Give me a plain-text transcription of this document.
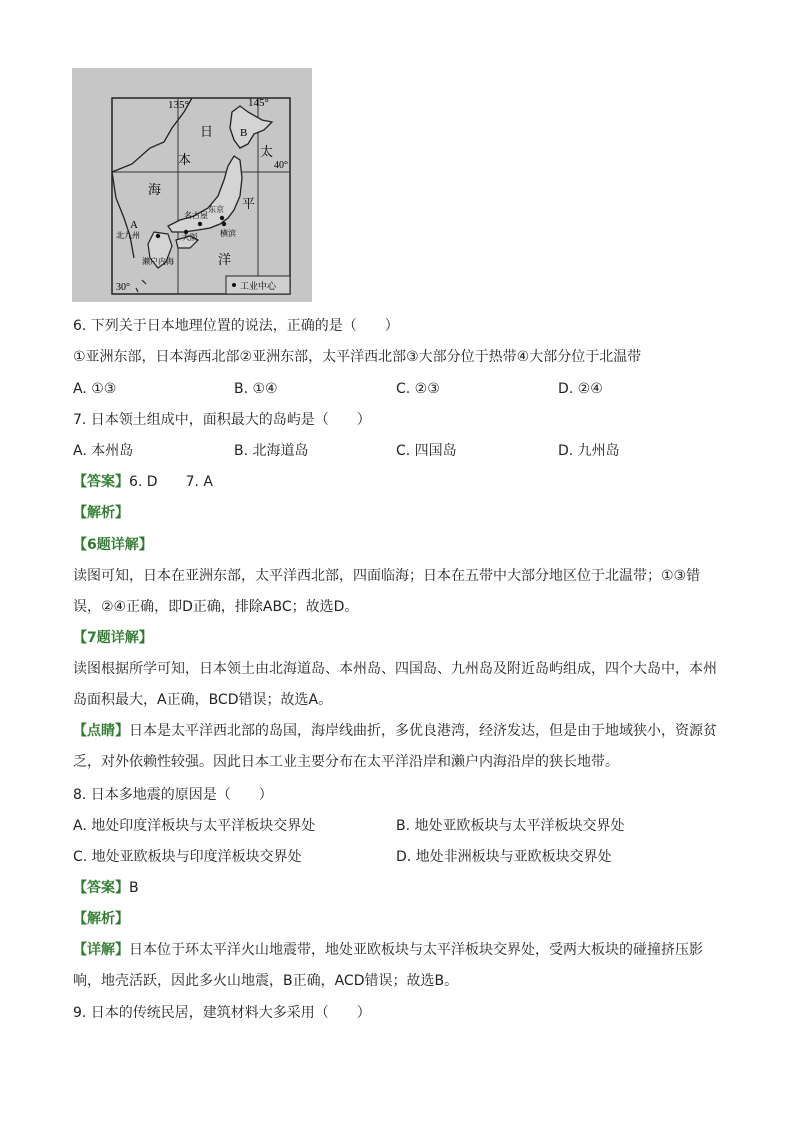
135°	145°
40°
30°
日
本
海
太
平
洋
B
A
北九州
名古屋
东京
大阪	横滨
濑户内海
工业中心
6. 下列关于日本地理位置的说法，正确的是（　　）
①亚洲东部，日本海西北部②亚洲东部，太平洋西北部③大部分位于热带④大部分位于北温带
A. ①③	B. ①④	C. ②③	D. ②④
7. 日本领土组成中，面积最大的岛屿是（　　）
A. 本州岛	B. 北海道岛	C. 四国岛	D. 九州岛
【答案】6. D　　7. A
【解析】
【6题详解】
读图可知，日本在亚洲东部，太平洋西北部，四面临海；日本在五带中大部分地区位于北温带；①③错误，②④正确，即D正确，排除ABC；故选D。
【7题详解】
读图根据所学可知，日本领土由北海道岛、本州岛、四国岛、九州岛及附近岛屿组成，四个大岛中，本州岛面积最大，A正确，BCD错误；故选A。
【点睛】日本是太平洋西北部的岛国，海岸线曲折，多优良港湾，经济发达，但是由于地域狭小，资源贫乏，对外依赖性较强。因此日本工业主要分布在太平洋沿岸和濑户内海沿岸的狭长地带。
8. 日本多地震的原因是（　　）
A. 地处印度洋板块与太平洋板块交界处	B. 地处亚欧板块与太平洋板块交界处
C. 地处亚欧板块与印度洋板块交界处	D. 地处非洲板块与亚欧板块交界处
【答案】B
【解析】
【详解】日本位于环太平洋火山地震带，地处亚欧板块与太平洋板块交界处，受两大板块的碰撞挤压影响，地壳活跃，因此多火山地震，B正确，ACD错误；故选B。
9. 日本的传统民居，建筑材料大多采用（　　）
